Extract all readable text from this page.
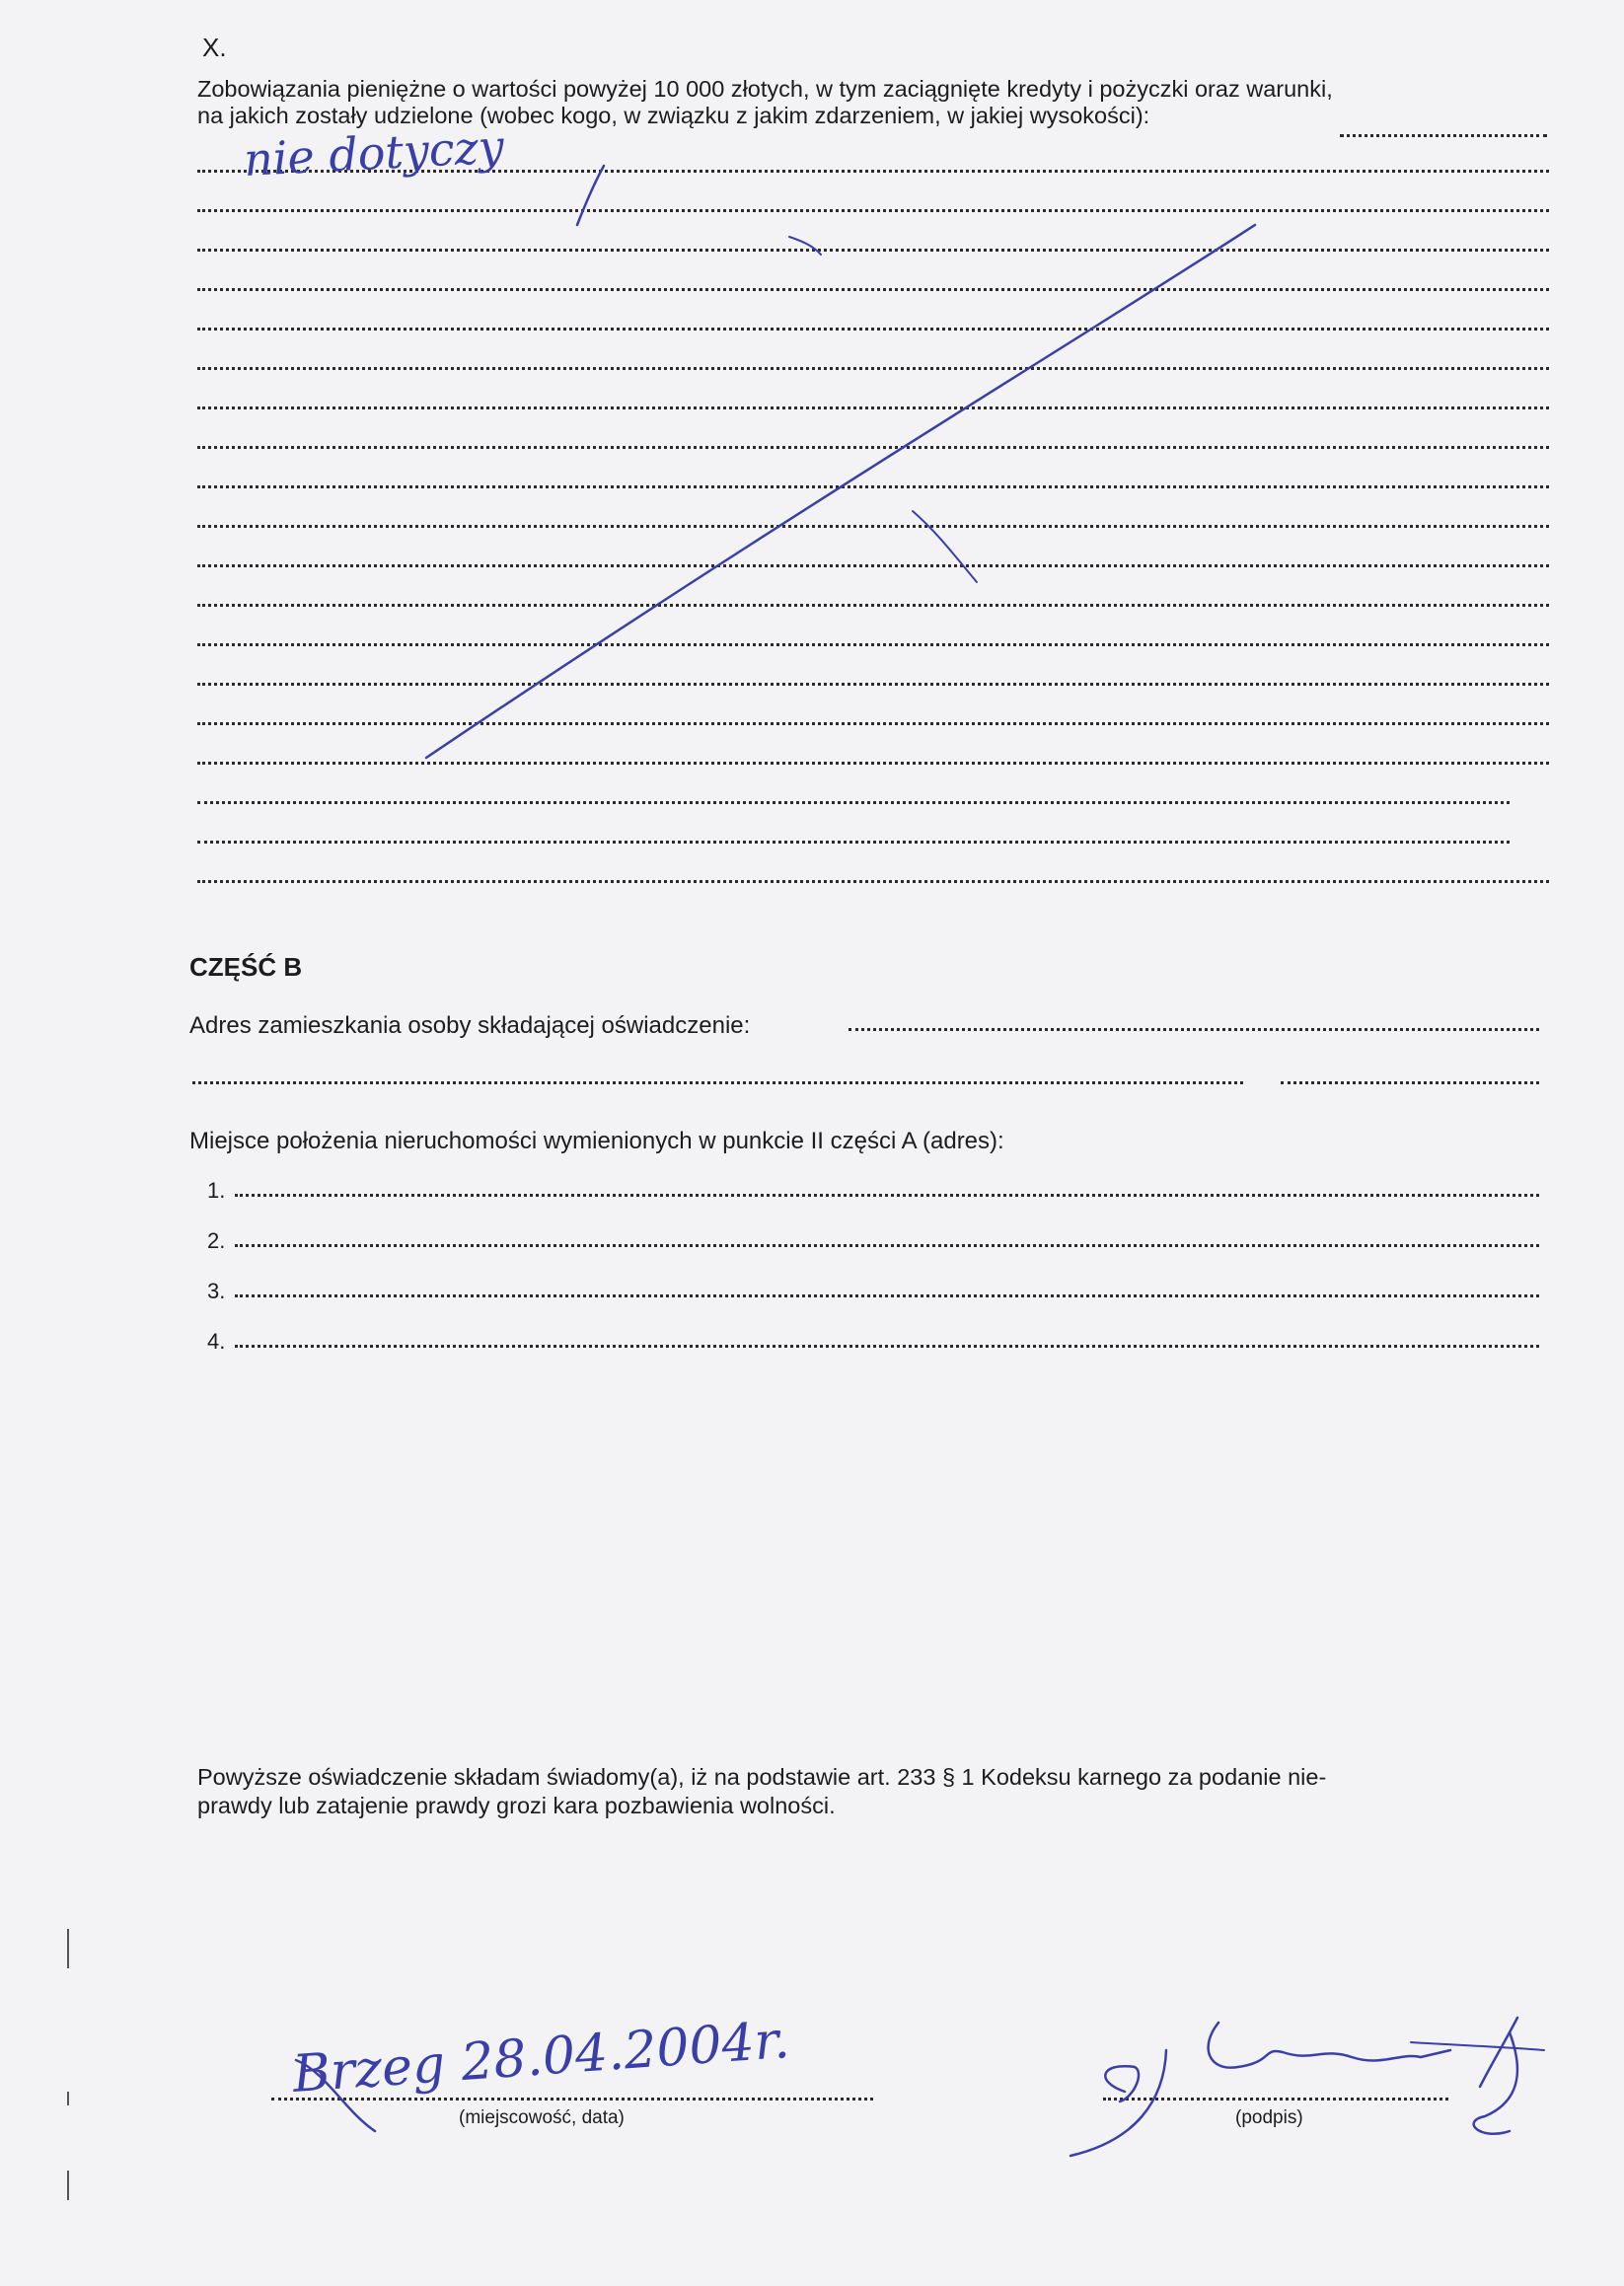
X.
Zobowiązania pieniężne o wartości powyżej 10 000 złotych, w tym zaciągnięte kredyty i pożyczki oraz warunki,
na jakich zostały udzielone (wobec kogo, w związku z jakim zdarzeniem, w jakiej wysokości):
CZĘŚĆ B
Adres zamieszkania osoby składającej oświadczenie:
Miejsce położenia nieruchomości wymienionych w punkcie II części A (adres):
1.
2.
3.
4.
Powyższe oświadczenie składam świadomy(a), iż na podstawie art. 233 § 1 Kodeksu karnego za podanie nie-
prawdy lub zatajenie prawdy grozi kara pozbawienia wolności.
(miejscowość, data)	(podpis)
nie dotyczy
Brzeg 28.04.2004r.
